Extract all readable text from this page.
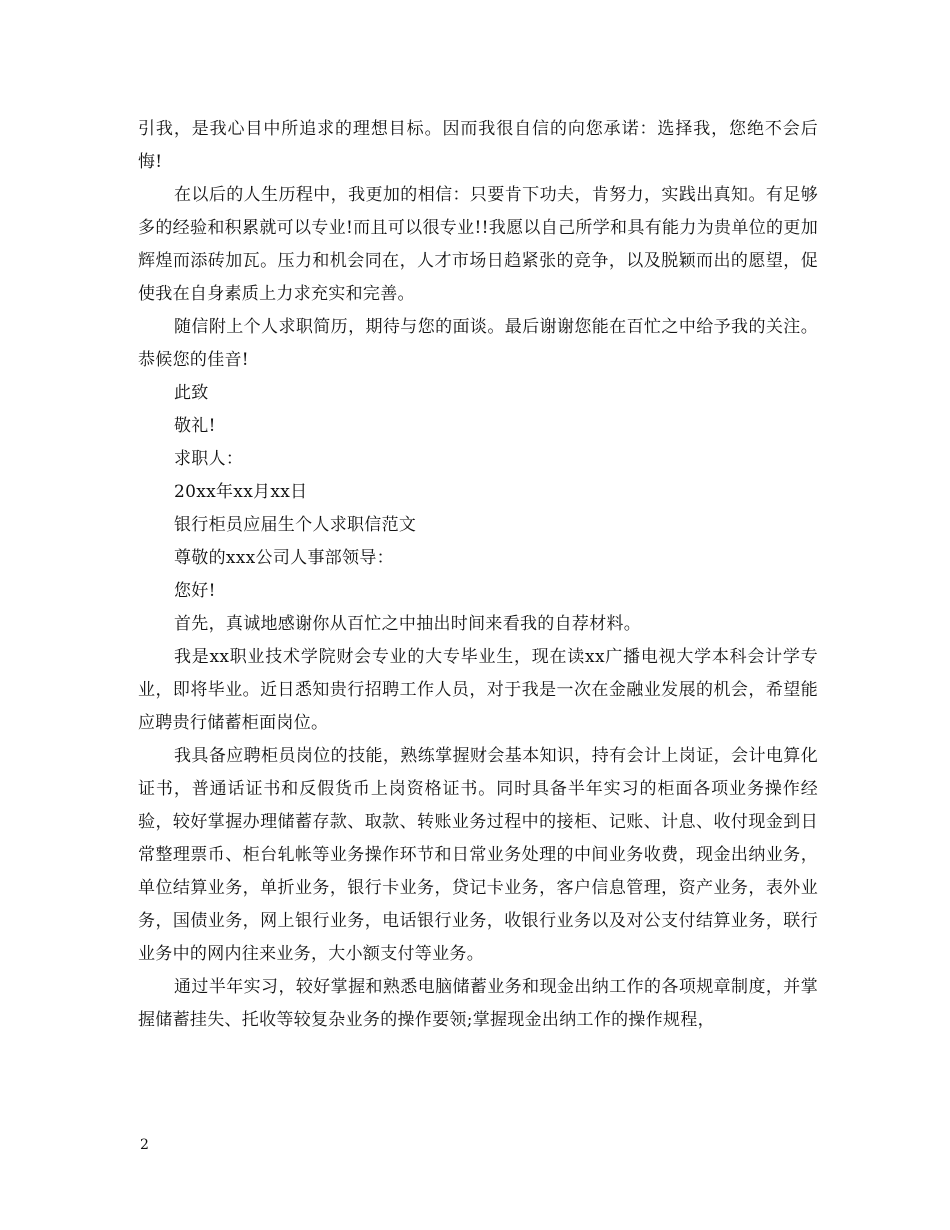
引我，是我心目中所追求的理想目标。因而我很自信的向您承诺：选择我，您绝不会后悔!

在以后的人生历程中，我更加的相信：只要肯下功夫，肯努力，实践出真知。有足够多的经验和积累就可以专业!而且可以很专业!!我愿以自己所学和具有能力为贵单位的更加辉煌而添砖加瓦。压力和机会同在，人才市场日趋紧张的竞争，以及脱颖而出的愿望，促使我在自身素质上力求充实和完善。

随信附上个人求职简历，期待与您的面谈。最后谢谢您能在百忙之中给予我的关注。恭候您的佳音!

此致

敬礼!

求职人：

20xx年xx月xx日

银行柜员应届生个人求职信范文

尊敬的xxx公司人事部领导：

您好!

首先，真诚地感谢你从百忙之中抽出时间来看我的自荐材料。

我是xx职业技术学院财会专业的大专毕业生，现在读xx广播电视大学本科会计学专业，即将毕业。近日悉知贵行招聘工作人员，对于我是一次在金融业发展的机会，希望能应聘贵行储蓄柜面岗位。

我具备应聘柜员岗位的技能，熟练掌握财会基本知识，持有会计上岗证，会计电算化证书，普通话证书和反假货币上岗资格证书。同时具备半年实习的柜面各项业务操作经验，较好掌握办理储蓄存款、取款、转账业务过程中的接柜、记账、计息、收付现金到日常整理票币、柜台轧帐等业务操作环节和日常业务处理的中间业务收费，现金出纳业务，单位结算业务，单折业务，银行卡业务，贷记卡业务，客户信息管理，资产业务，表外业务，国债业务，网上银行业务，电话银行业务，收银行业务以及对公支付结算业务，联行业务中的网内往来业务，大小额支付等业务。

通过半年实习，较好掌握和熟悉电脑储蓄业务和现金出纳工作的各项规章制度，并掌握储蓄挂失、托收等较复杂业务的操作要领;掌握现金出纳工作的操作规程，

2
